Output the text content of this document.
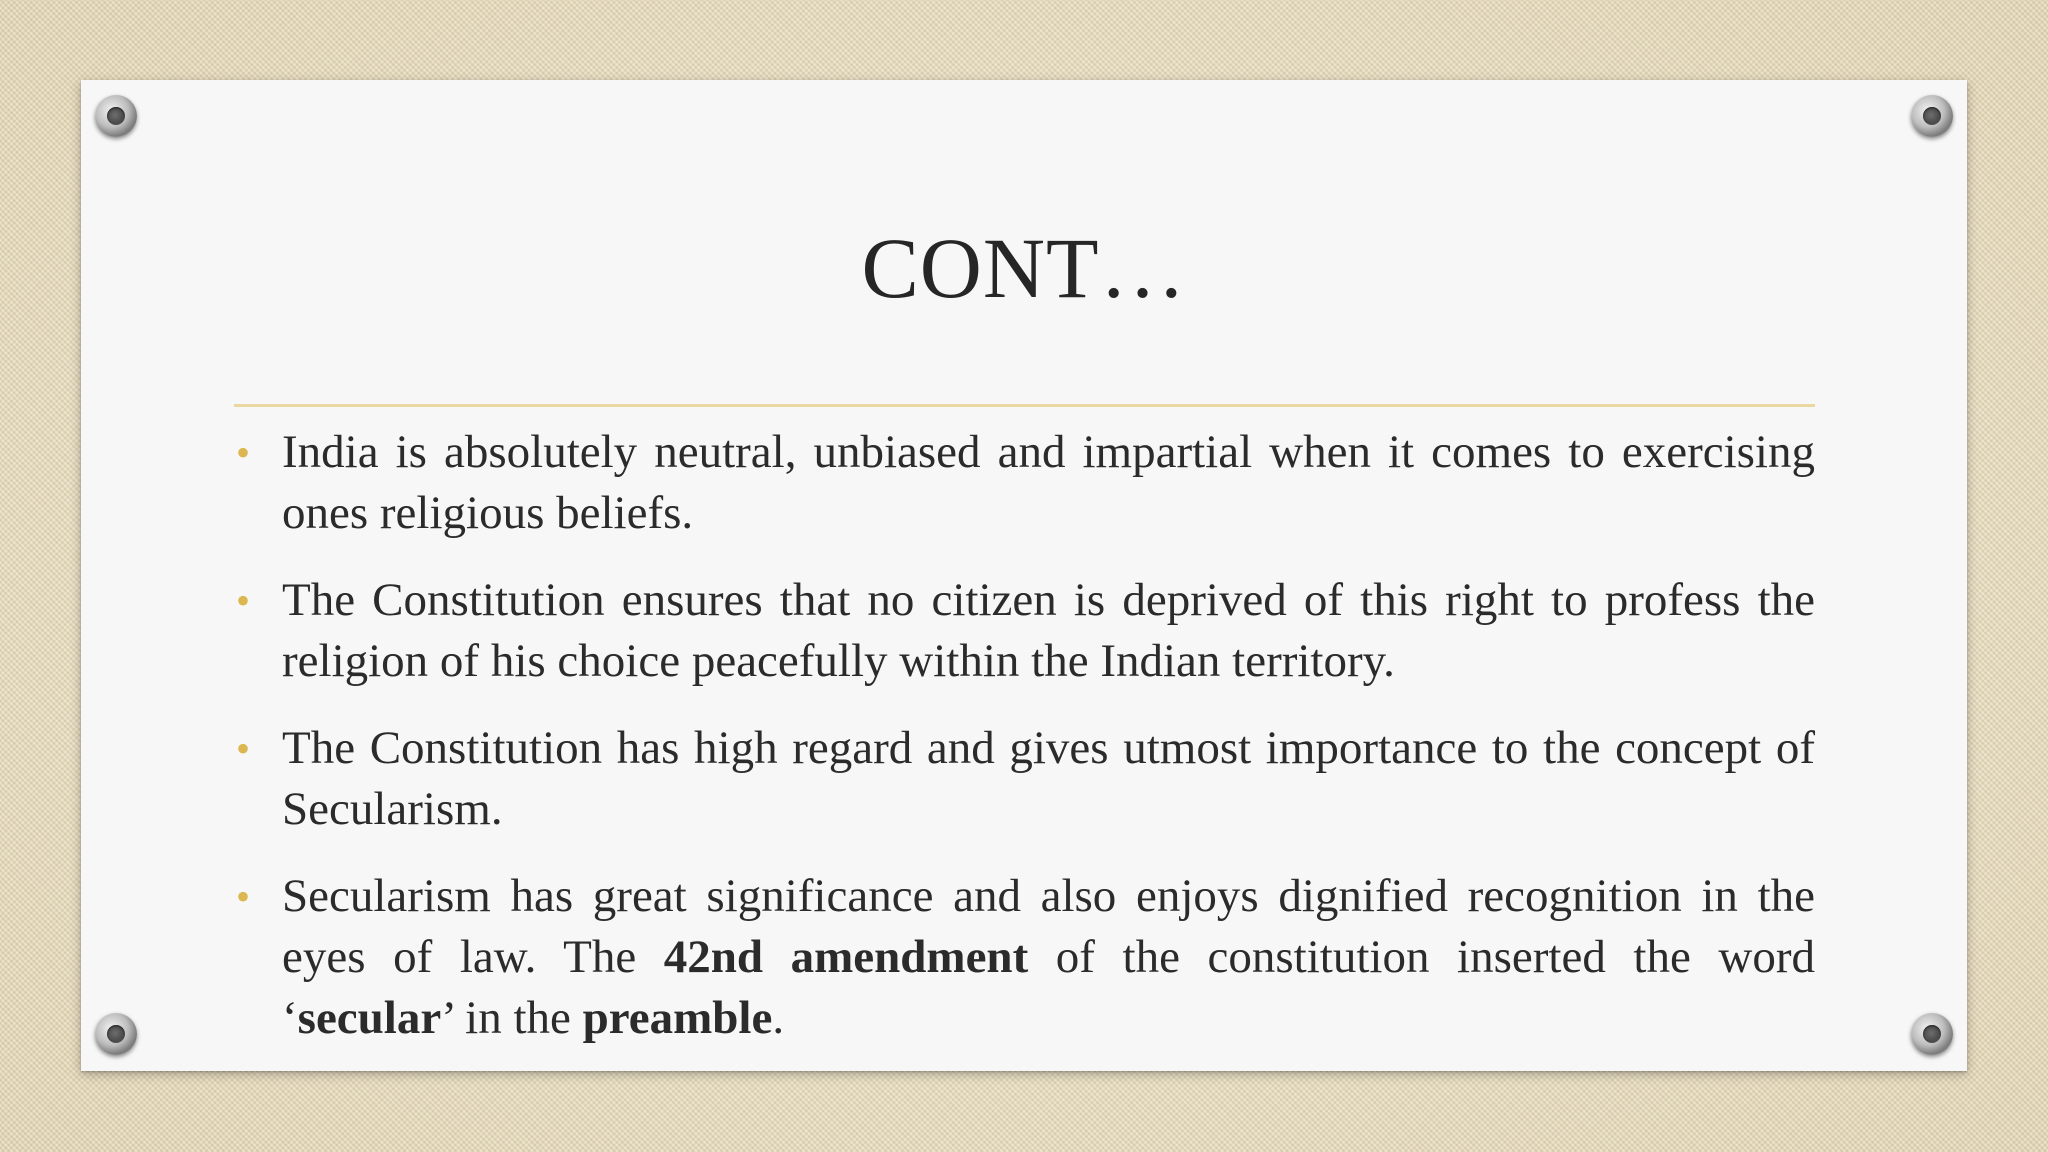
CONT…
• India is absolutely neutral, unbiased and impartial when it comes to exercising ones religious beliefs.
• The Constitution ensures that no citizen is deprived of this right to profess the religion of his choice peacefully within the Indian territory.
• The Constitution has high regard and gives utmost importance to the concept of Secularism.
• Secularism has great significance and also enjoys dignified recognition in the eyes of law. The 42nd amendment of the constitution inserted the word ‘secular’ in the preamble.
